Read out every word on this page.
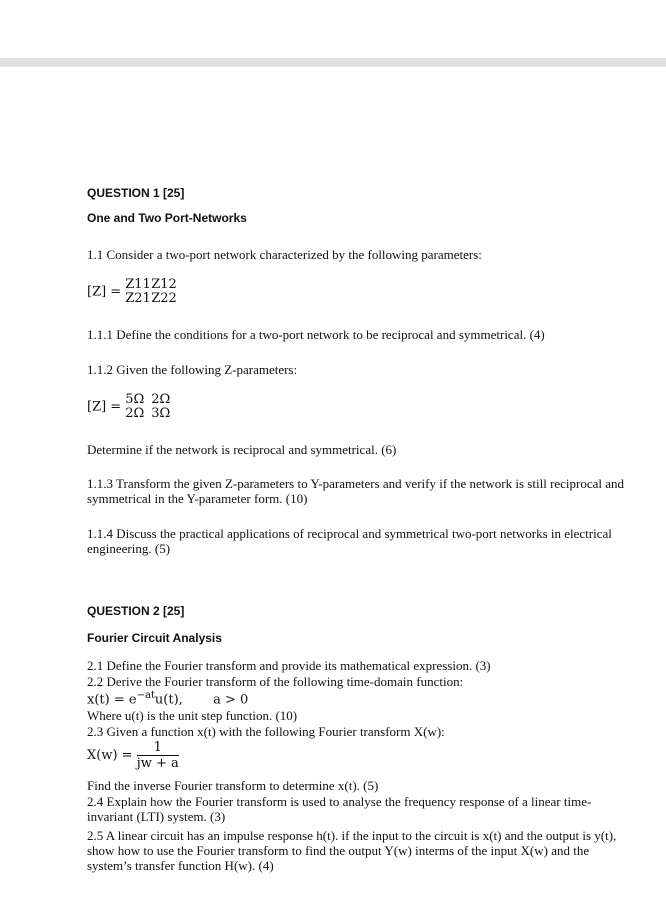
QUESTION 1 [25]
One and Two Port-Networks
1.1 Consider a two-port network characterized by the following parameters:
[Z] =
Z11Z12
Z21Z22
1.1.1 Define the conditions for a two-port network to be reciprocal and symmetrical. (4)
1.1.2 Given the following Z-parameters:
[Z] =
5Ω 2Ω
2Ω 3Ω
Determine if the network is reciprocal and symmetrical. (6)
1.1.3 Transform the given Z-parameters to Y-parameters and verify if the network is still reciprocal and symmetrical in the Y-parameter form. (10)
1.1.4 Discuss the practical applications of reciprocal and symmetrical two-port networks in electrical engineering. (5)
QUESTION 2 [25]
Fourier Circuit Analysis
2.1 Define the Fourier transform and provide its mathematical expression. (3)
2.2 Derive the Fourier transform of the following time-domain function:
$x(t) = e^{-at}u(t)$, a > 0
Where u(t) is the unit step function. (10)
2.3 Given a function x(t) with the following Fourier transform X(w):
$X(w) = \frac{1}{jw + a}$
Find the inverse Fourier transform to determine x(t). (5)
2.4 Explain how the Fourier transform is used to analyse the frequency response of a linear time-invariant (LTI) system. (3)
2.5 A linear circuit has an impulse response h(t). if the input to the circuit is x(t) and the output is y(t), show how to use the Fourier transform to find the output Y(w) interms of the input X(w) and the system’s transfer function H(w). (4)
